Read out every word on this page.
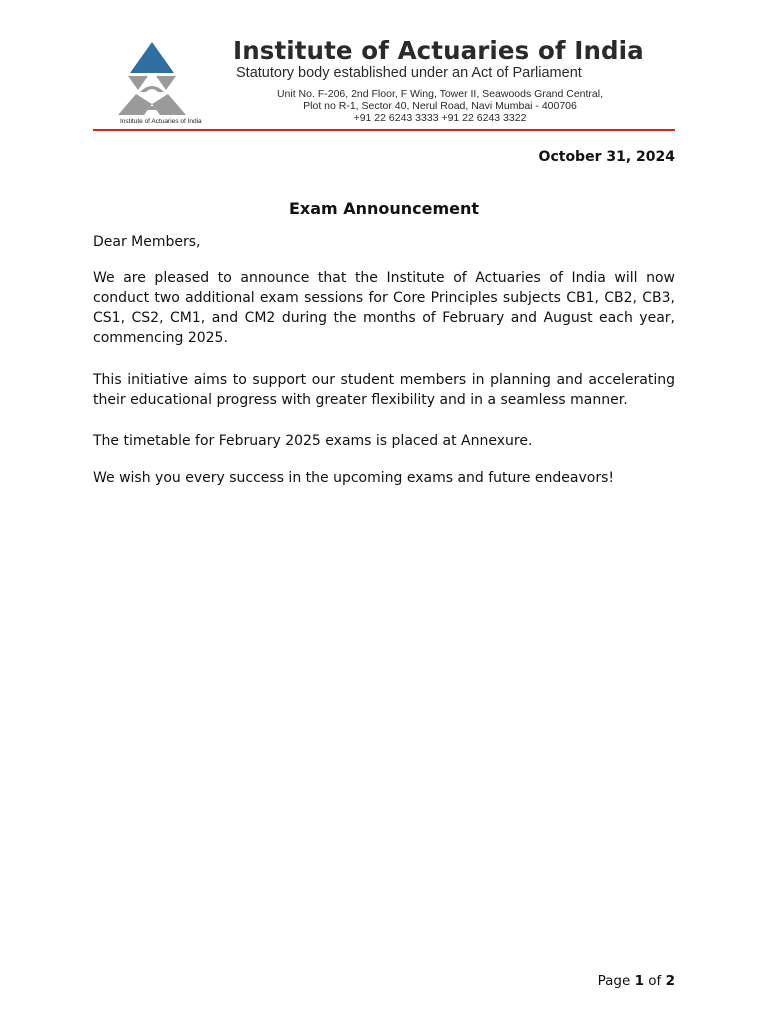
Institute of Actuaries of India
Institute of Actuaries of India
Statutory body established under an Act of Parliament
Unit No. F-206, 2nd Floor, F Wing, Tower II, Seawoods Grand Central,
Plot no R-1, Sector 40, Nerul Road, Navi Mumbai - 400706
+91 22 6243 3333 +91 22 6243 3322
October 31, 2024
Exam Announcement
Dear Members,

We are pleased to announce that the Institute of Actuaries of India will now conduct two additional exam sessions for Core Principles subjects CB1, CB2, CB3, CS1, CS2, CM1, and CM2 during the months of February and August each year, commencing 2025.

This initiative aims to support our student members in planning and accelerating their educational progress with greater flexibility and in a seamless manner.

The timetable for February 2025 exams is placed at Annexure.

We wish you every success in the upcoming exams and future endeavors!

Page 1 of 2
